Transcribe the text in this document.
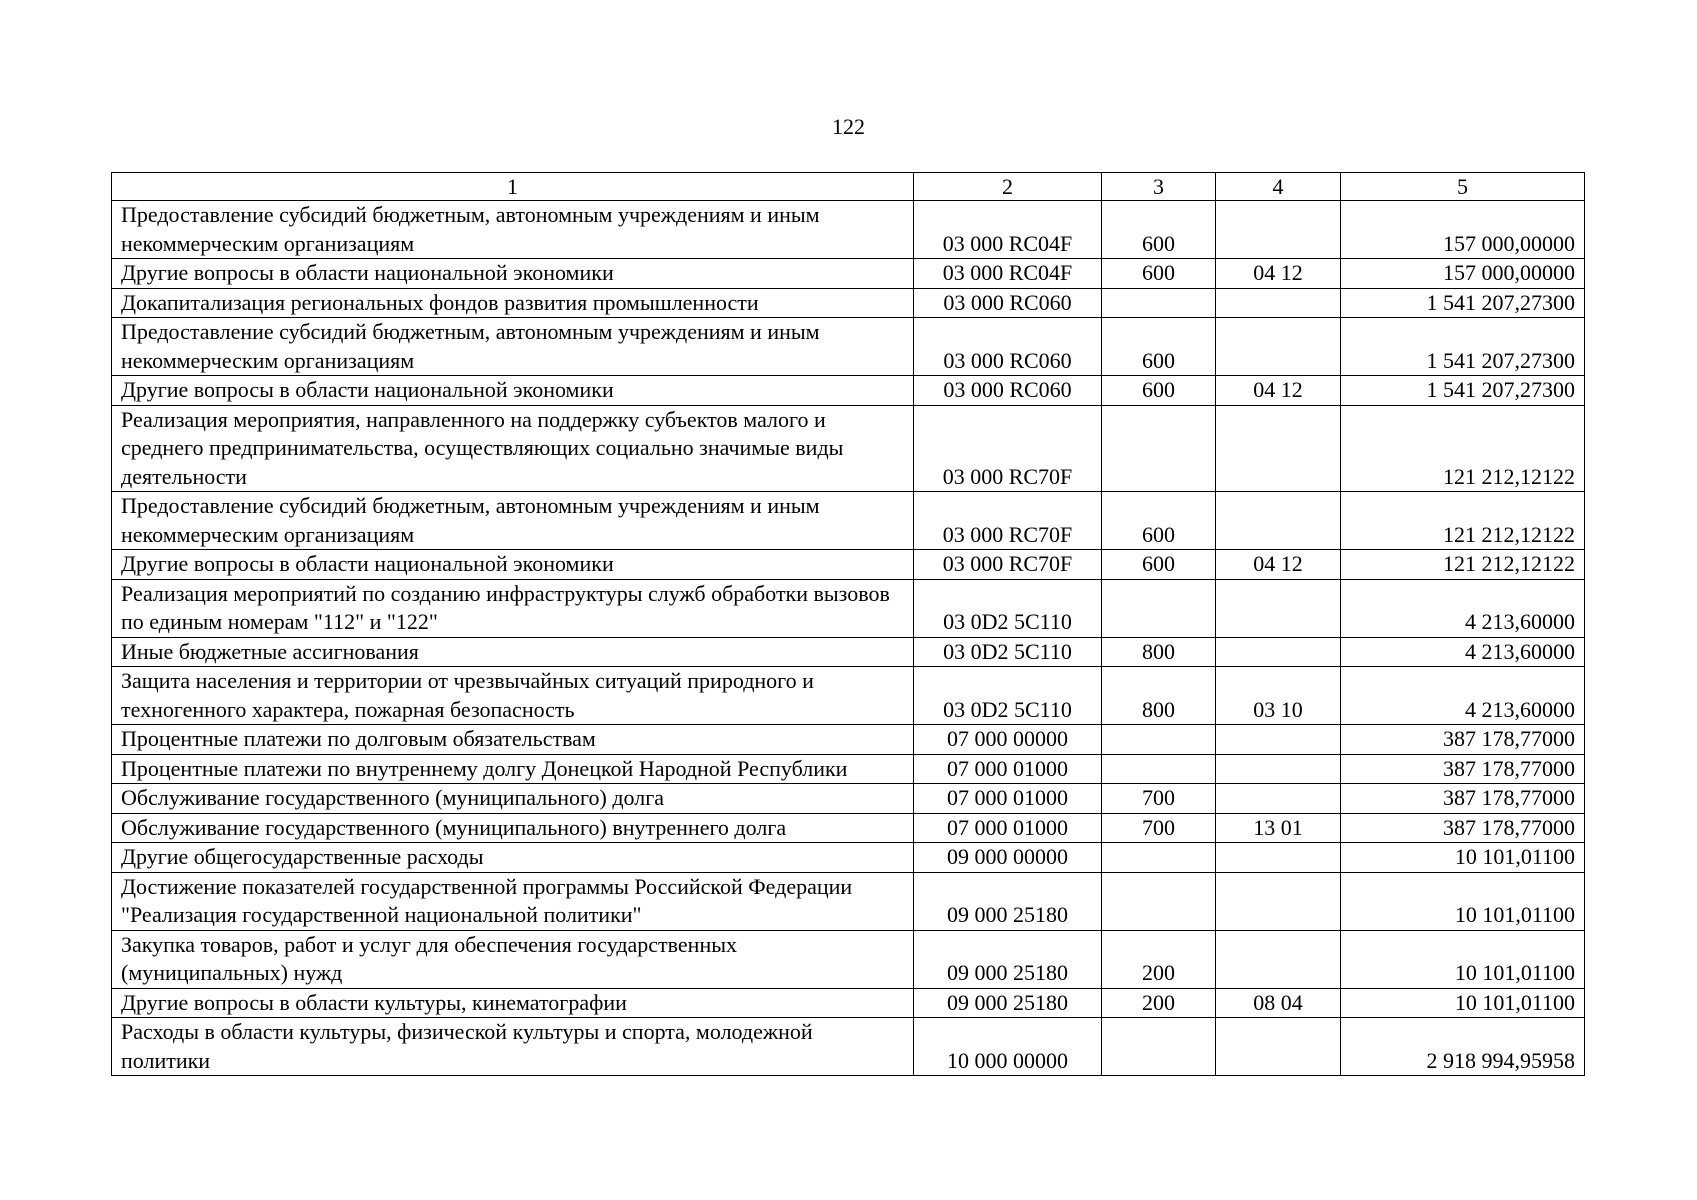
122
1	2	3	4	5
Предоставление субсидий бюджетным, автономным учреждениям и иным некоммерческим организациям	03 000 RC04F	600		157 000,00000
Другие вопросы в области национальной экономики	03 000 RC04F	600	04 12	157 000,00000
Докапитализация региональных фондов развития промышленности	03 000 RC060			1 541 207,27300
Предоставление субсидий бюджетным, автономным учреждениям и иным некоммерческим организациям	03 000 RC060	600		1 541 207,27300
Другие вопросы в области национальной экономики	03 000 RC060	600	04 12	1 541 207,27300
Реализация мероприятия, направленного на поддержку субъектов малого и среднего предпринимательства, осуществляющих социально значимые виды деятельности	03 000 RC70F			121 212,12122
Предоставление субсидий бюджетным, автономным учреждениям и иным некоммерческим организациям	03 000 RC70F	600		121 212,12122
Другие вопросы в области национальной экономики	03 000 RC70F	600	04 12	121 212,12122
Реализация мероприятий по созданию инфраструктуры служб обработки вызовов по единым номерам "112" и "122"	03 0D2 5C110			4 213,60000
Иные бюджетные ассигнования	03 0D2 5C110	800		4 213,60000
Защита населения и территории от чрезвычайных ситуаций природного и техногенного характера, пожарная безопасность	03 0D2 5C110	800	03 10	4 213,60000
Процентные платежи по долговым обязательствам	07 000 00000			387 178,77000
Процентные платежи по внутреннему долгу Донецкой Народной Республики	07 000 01000			387 178,77000
Обслуживание государственного (муниципального) долга	07 000 01000	700		387 178,77000
Обслуживание государственного (муниципального) внутреннего долга	07 000 01000	700	13 01	387 178,77000
Другие общегосударственные расходы	09 000 00000			10 101,01100
Достижение показателей государственной программы Российской Федерации "Реализация государственной национальной политики"	09 000 25180			10 101,01100
Закупка товаров, работ и услуг для обеспечения государственных (муниципальных) нужд	09 000 25180	200		10 101,01100
Другие вопросы в области культуры, кинематографии	09 000 25180	200	08 04	10 101,01100
Расходы в области культуры, физической культуры и спорта, молодежной политики	10 000 00000			2 918 994,95958
